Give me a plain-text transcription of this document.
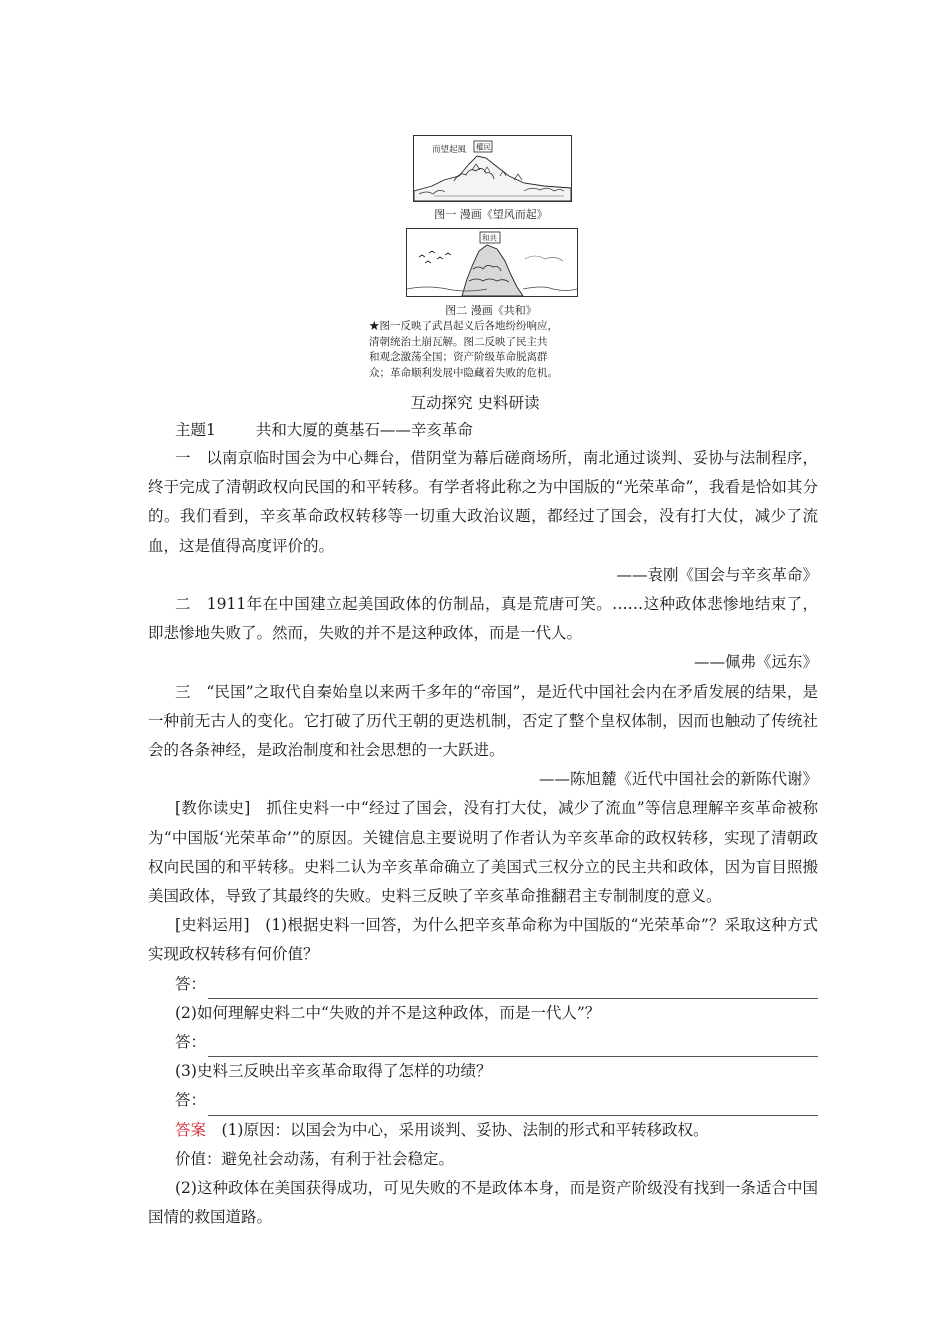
而望起風 權民
图一 漫画《望风而起》
和共
图二 漫画《共和》

★图一反映了武昌起义后各地纷纷响应，

清朝统治土崩瓦解。图二反映了民主共

和观念激荡全国；资产阶级革命脱离群

众；革命顺利发展中隐藏着失败的危机。

互动探究 史料研读
主题1	共和大厦的奠基石——辛亥革命

一　以南京临时国会为中心舞台，借阴堂为幕后磋商场所，南北通过谈判、妥协与法制程序，终于完成了清朝政权向民国的和平转移。有学者将此称之为中国版的“光荣革命”，我看是恰如其分的。我们看到，辛亥革命政权转移等一切重大政治议题，都经过了国会，没有打大仗，减少了流血，这是值得高度评价的。

——袁刚《国会与辛亥革命》

二　1911年在中国建立起美国政体的仿制品，真是荒唐可笑。……这种政体悲惨地结束了，即悲惨地失败了。然而，失败的并不是这种政体，而是一代人。

——佩弗《远东》

三　“民国”之取代自秦始皇以来两千多年的“帝国”，是近代中国社会内在矛盾发展的结果，是一种前无古人的变化。它打破了历代王朝的更迭机制，否定了整个皇权体制，因而也触动了传统社会的各条神经，是政治制度和社会思想的一大跃进。

——陈旭麓《近代中国社会的新陈代谢》

[教你读史]　抓住史料一中“经过了国会，没有打大仗，减少了流血”等信息理解辛亥革命被称为“中国版‘光荣革命’”的原因。关键信息主要说明了作者认为辛亥革命的政权转移，实现了清朝政权向民国的和平转移。史料二认为辛亥革命确立了美国式三权分立的民主共和政体，因为盲目照搬美国政体，导致了其最终的失败。史料三反映了辛亥革命推翻君主专制制度的意义。

[史料运用]　(1)根据史料一回答，为什么把辛亥革命称为中国版的“光荣革命”？采取这种方式实现政权转移有何价值？

答：

(2)如何理解史料二中“失败的并不是这种政体，而是一代人”？

答：

(3)史料三反映出辛亥革命取得了怎样的功绩？

答：

答案　(1)原因：以国会为中心，采用谈判、妥协、法制的形式和平转移政权。

价值：避免社会动荡，有利于社会稳定。

(2)这种政体在美国获得成功，可见失败的不是政体本身，而是资产阶级没有找到一条适合中国国情的救国道路。
